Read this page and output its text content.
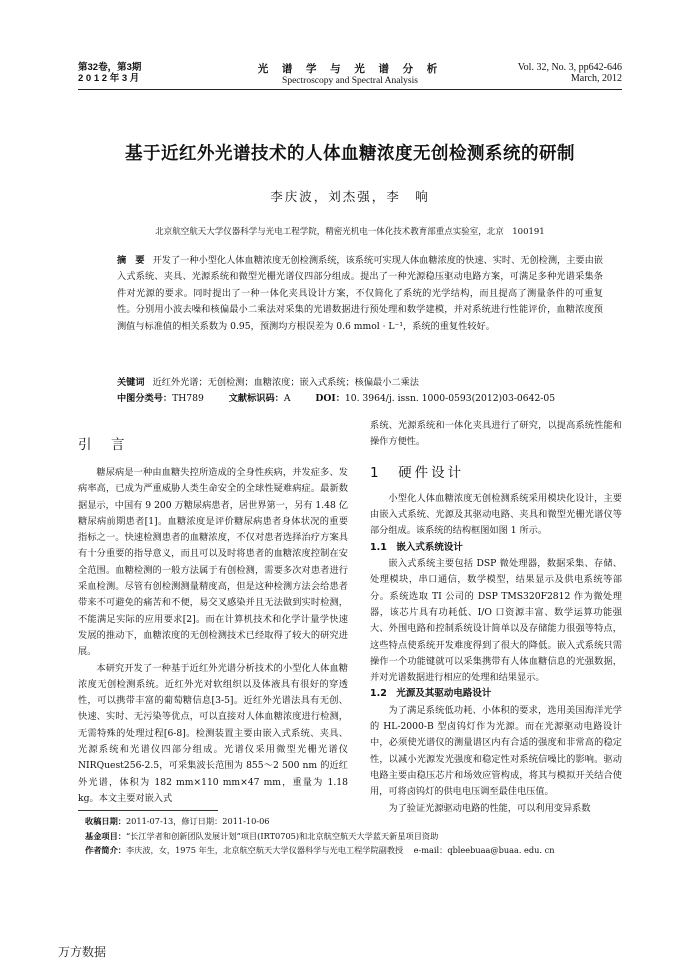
第32卷，第3期
2 0 1 2 年 3 月
光 谱 学 与 光 谱 分 析
Spectroscopy and Spectral Analysis
Vol. 32, No. 3, pp642-646
March, 2012
基于近红外光谱技术的人体血糖浓度无创检测系统的研制
李庆波，刘杰强，李　响
北京航空航天大学仪器科学与光电工程学院，精密光机电一体化技术教育部重点实验室，北京　100191
摘　要 开发了一种小型化人体血糖浓度无创检测系统，该系统可实现人体血糖浓度的快速、实时、无创检测，主要由嵌入式系统、夹具、光源系统和微型光栅光谱仪四部分组成。提出了一种光源稳压驱动电路方案，可满足多种光谱采集条件对光源的要求。同时提出了一种一体化夹具设计方案，不仅简化了系统的光学结构，而且提高了测量条件的可重复性。分别用小波去噪和核偏最小二乘法对采集的光谱数据进行预处理和数学建模，并对系统进行性能评价，血糖浓度预测值与标准值的相关系数为 0.95，预测均方根误差为 0.6 mmol · L⁻¹，系统的重复性较好。
关键词 近红外光谱；无创检测；血糖浓度；嵌入式系统；核偏最小二乘法
中图分类号：TH789	文献标识码：A	DOI：10. 3964/j. issn. 1000-0593(2012)03-0642-05
引　言

糖尿病是一种由血糖失控所造成的全身性疾病，并发症多、发病率高，已成为严重威胁人类生命安全的全球性疑难病症。最新数据显示，中国有 9 200 万糖尿病患者，居世界第一，另有 1.48 亿糖尿病前期患者[1]。血糖浓度是评价糖尿病患者身体状况的重要指标之一。快速检测患者的血糖浓度，不仅对患者选择治疗方案具有十分重要的指导意义，而且可以及时将患者的血糖浓度控制在安全范围。血糖检测的一般方法属于有创检测，需要多次对患者进行采血检测。尽管有创检测测量精度高，但是这种检测方法会给患者带来不可避免的痛苦和不便，易交叉感染并且无法做到实时检测，不能满足实际的应用要求[2]。而在计算机技术和化学计量学快速发展的推动下，血糖浓度的无创检测技术已经取得了较大的研究进展。

本研究开发了一种基于近红外光谱分析技术的小型化人体血糖浓度无创检测系统。近红外光对软组织以及体液具有很好的穿透性，可以携带丰富的葡萄糖信息[3-5]。近红外光谱法具有无创、快速、实时、无污染等优点，可以直接对人体血糖浓度进行检测，无需特殊的处理过程[6-8]。检测装置主要由嵌入式系统、夹具、光源系统和光谱仪四部分组成。光谱仪采用微型光栅光谱仪 NIRQuest256-2.5，可采集波长范围为 855～2 500 nm 的近红外光谱，体积为 182 mm×110 mm×47 mm，重量为 1.18 kg。本文主要对嵌入式

系统、光源系统和一体化夹具进行了研究，以提高系统性能和操作方便性。
1　硬件设计

小型化人体血糖浓度无创检测系统采用模块化设计，主要由嵌入式系统、光源及其驱动电路、夹具和微型光栅光谱仪等部分组成。该系统的结构框图如图 1 所示。

1.1　嵌入式系统设计

嵌入式系统主要包括 DSP 微处理器，数据采集、存储、处理模块，串口通信，数学模型，结果显示及供电系统等部分。系统选取 TI 公司的 DSP TMS320F2812 作为微处理器，该芯片具有功耗低、I/O 口资源丰富、数学运算功能强大、外围电路和控制系统设计简单以及存储能力很强等特点，这些特点使系统开发难度得到了很大的降低。嵌入式系统只需操作一个功能键就可以采集携带有人体血糖信息的光强数据，并对光谱数据进行相应的处理和结果显示。

1.2　光源及其驱动电路设计

为了满足系统低功耗、小体积的要求，选用美国海洋光学的 HL-2000-B 型卤钨灯作为光源。而在光源驱动电路设计中，必须使光谱仪的测量谱区内有合适的强度和非常高的稳定性，以减小光源发光强度和稳定性对系统信噪比的影响。驱动电路主要由稳压芯片和场效应管构成，将其与模拟开关结合使用，可将卤钨灯的供电电压调至最佳电压值。

为了验证光源驱动电路的性能，可以利用变异系数

收稿日期：2011-07-13，修订日期：2011-10-06
基金项目：“长江学者和创新团队发展计划”项目(IRT0705)和北京航空航天大学蓝天新星项目资助
作者简介：李庆波，女，1975 年生，北京航空航天大学仪器科学与光电工程学院副教授 e-mail：qbleebuaa@buaa. edu. cn
万方数据
